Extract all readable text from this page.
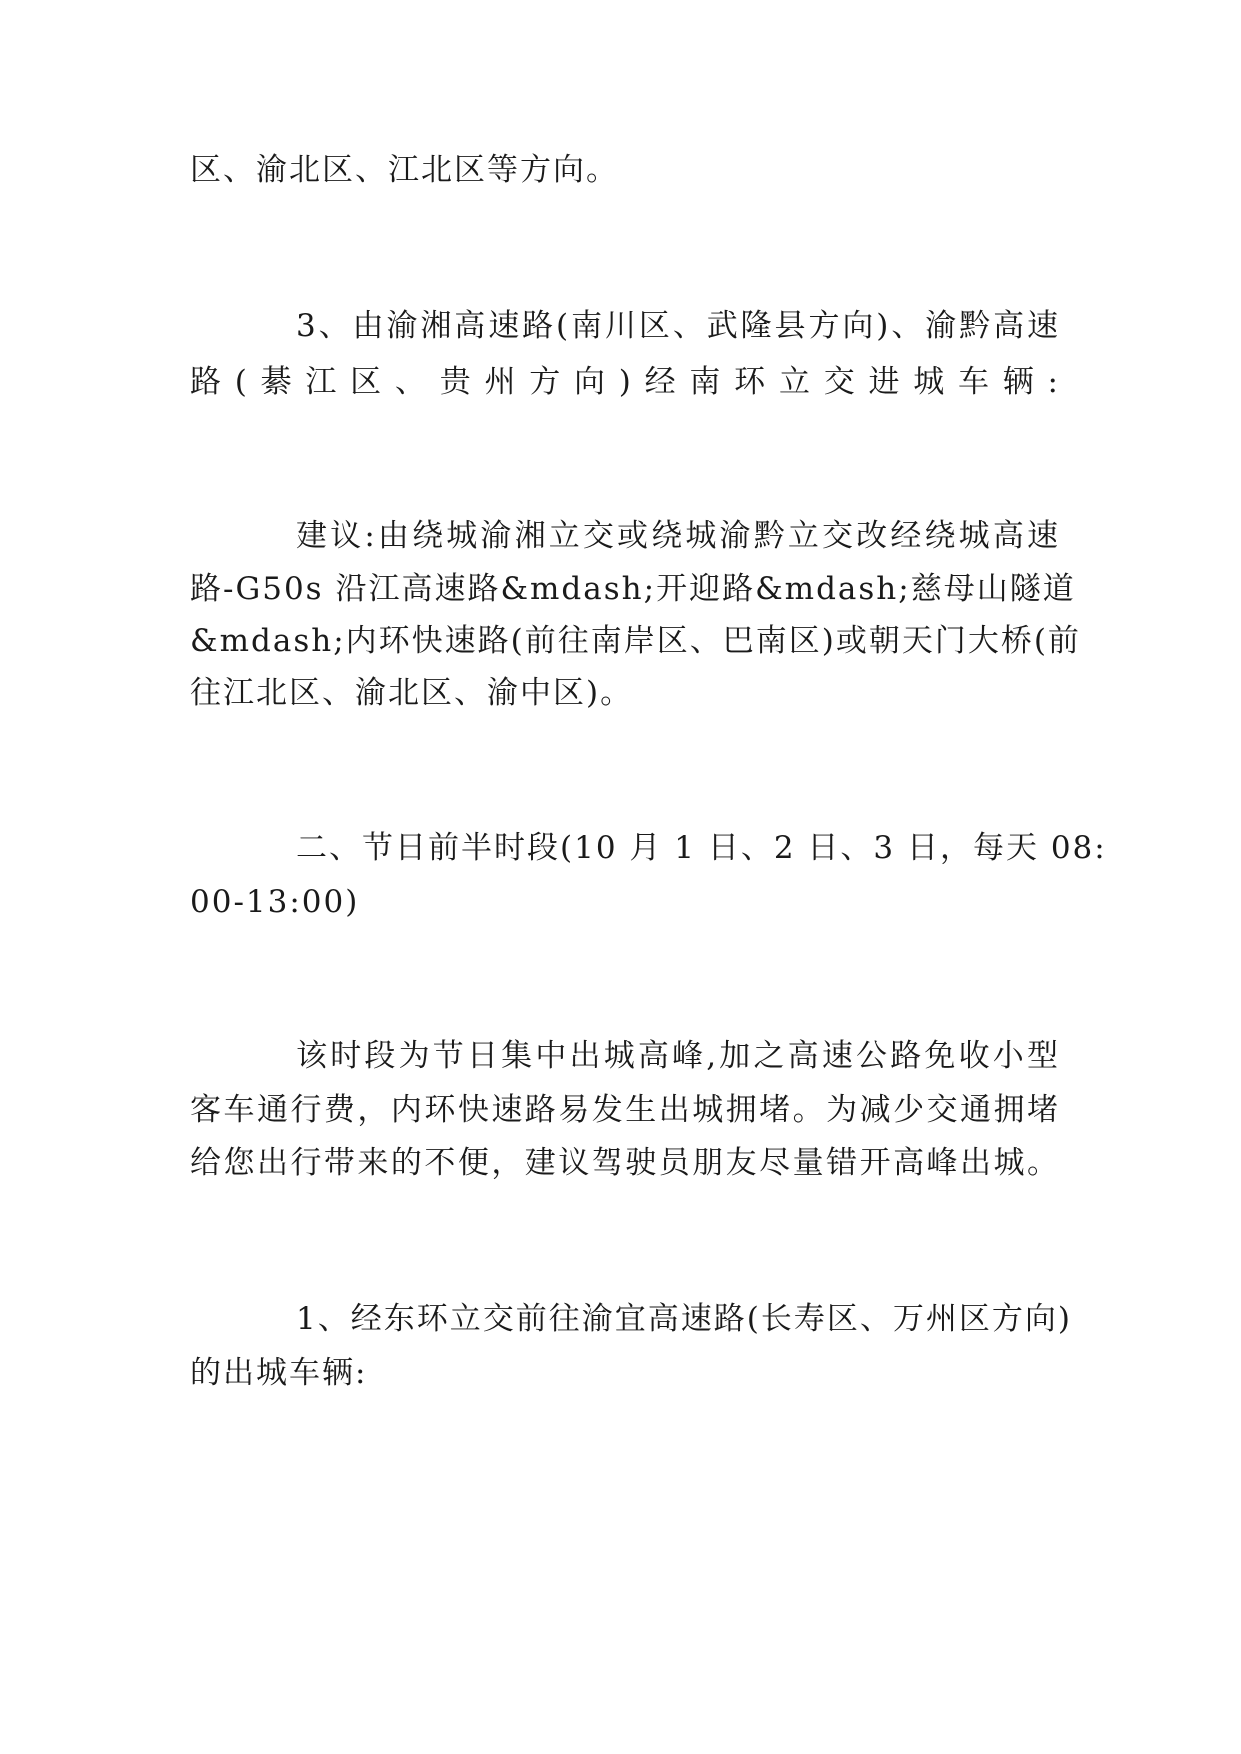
区、渝北区、江北区等方向。
3、由渝湘高速路(南川区、武隆县方向)、渝黔高速
路(綦江区、贵州方向)经南环立交进城车辆:
建议:由绕城渝湘立交或绕城渝黔立交改经绕城高速
路-G50s 沿江高速路&mdash;开迎路&mdash;慈母山隧道
&mdash;内环快速路(前往南岸区、巴南区)或朝天门大桥(前
往江北区、渝北区、渝中区)。
二、节日前半时段(10 月 1 日、2 日、3 日，每天 08:
00-13:00)
该时段为节日集中出城高峰,加之高速公路免收小型
客车通行费，内环快速路易发生出城拥堵。为减少交通拥堵
给您出行带来的不便，建议驾驶员朋友尽量错开高峰出城。
1、经东环立交前往渝宜高速路(长寿区、万州区方向)
的出城车辆:
